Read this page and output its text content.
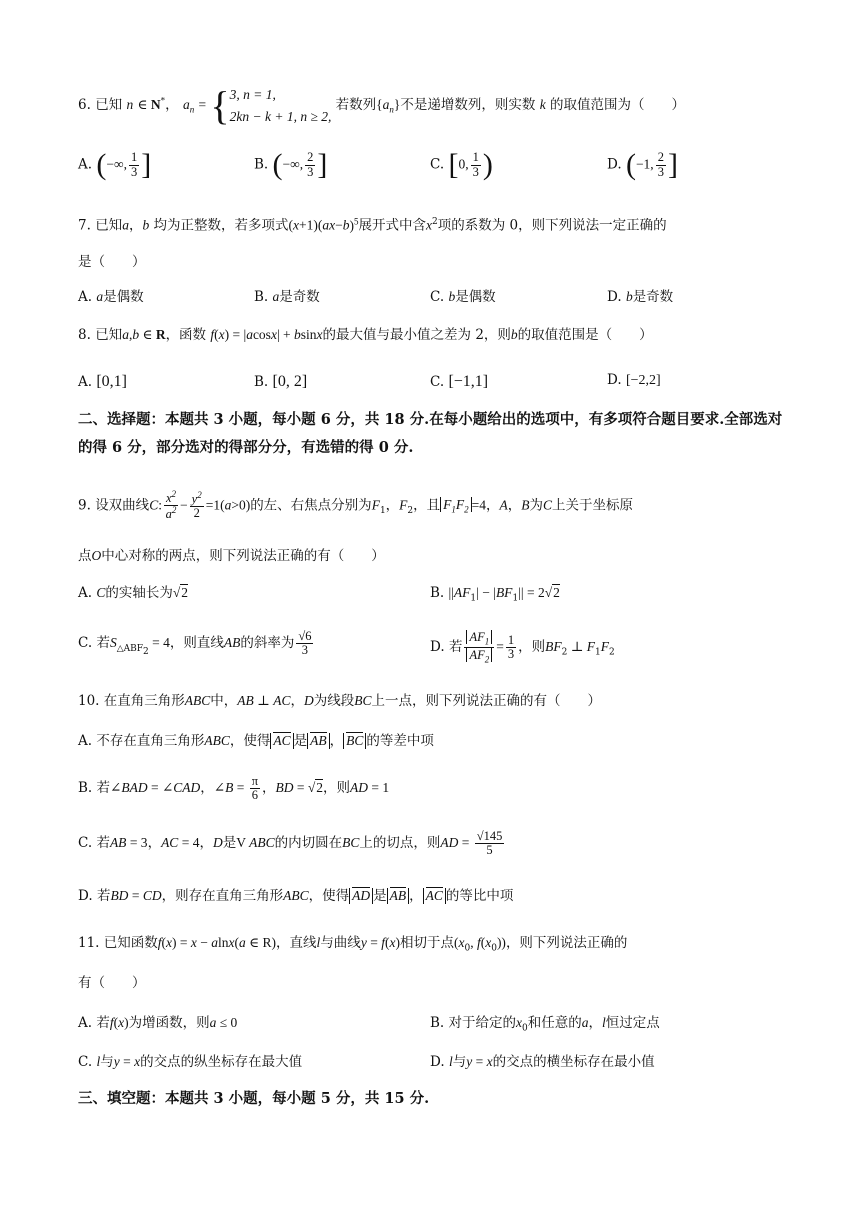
6. 已知 n ∈ N*， $a_n$ = { 3, n = 1,
2kn − k + 1, n ≥ 2,
若数列$\{a_n\}$不是递增数列，则实数 k 的取值范围为（　　）
A. (−∞, $\frac{1}{3}$ ]	B. (−∞, $\frac{2}{3}$ ]	C. [0, $\frac{1}{3}$ )	D. (−1, $\frac{2}{3}$ ]
7. 已知a，b 均为正整数，若多项式$(x+1)(ax-b)^5$展开式中含$x^2$项的系数为 0，则下列说法一定正确的
是（　　）
A. a是偶数	B. a是奇数	C. b是偶数	D. b是奇数
8. 已知a,b ∈ R，函数 f(x) = |acosx| + bsinx的最大值与最小值之差为 2，则b的取值范围是（　　）
A. [0,1]	B. [0, 2]	C. [−1,1]	D. [−2,2]
二、选择题：本题共 3 小题，每小题 6 分，共 18 分.在每小题给出的选项中，有多项符合题目要求.全部选对的得 6 分，部分选对的得部分分，有选错的得 0 分.
9. 设双曲线C: $\frac{x^2}{a^2} - \frac{y^2}{2} =1(a>0)$的左、右焦点分别为$F_1$，$F_2$，且 $F_1F_2 =4$，A，B为C上关于坐标原
点O中心对称的两点，则下列说法正确的有（　　）
A. C的实轴长为√2	B. $||AF_1| - |BF_1|| = 2√2$
C. 若$S_{\triangle ABF_2} = 4$，则直线AB的斜率为 $\frac{√6}{3}$	D. 若 $\frac{AF_1}{AF_2} = \frac{1}{3}$ ，则$BF_2$ ⊥ $F_1F_2$
10. 在直角三角形ABC中，AB ⊥ AC，D为线段BC上一点，则下列说法正确的有（　　）
A. 不存在直角三角形ABC，使得 AC 是 AB ， BC 的等差中项
B. 若∠BAD = ∠CAD，∠B = $\frac{\pi}{6}$ ，BD = √2，则AD = 1
C. 若AB = 3，AC = 4，D是V ABC的内切圆在BC上的切点，则AD = $\frac{√145}{5}$
D. 若BD = CD，则存在直角三角形ABC，使得 AD 是 AB ， AC 的等比中项
11. 已知函数f(x) = x − alnx(a ∈ R)，直线l与曲线y = f(x)相切于点($x_0$, $f(x_0)$)，则下列说法正确的
有（　　）
A. 若f(x)为增函数，则a ≤ 0	B. 对于给定的$x_0$和任意的a，l恒过定点
C. l与y = x的交点的纵坐标存在最大值	D. l与y = x的交点的横坐标存在最小值
三、填空题：本题共 3 小题，每小题 5 分，共 15 分.
